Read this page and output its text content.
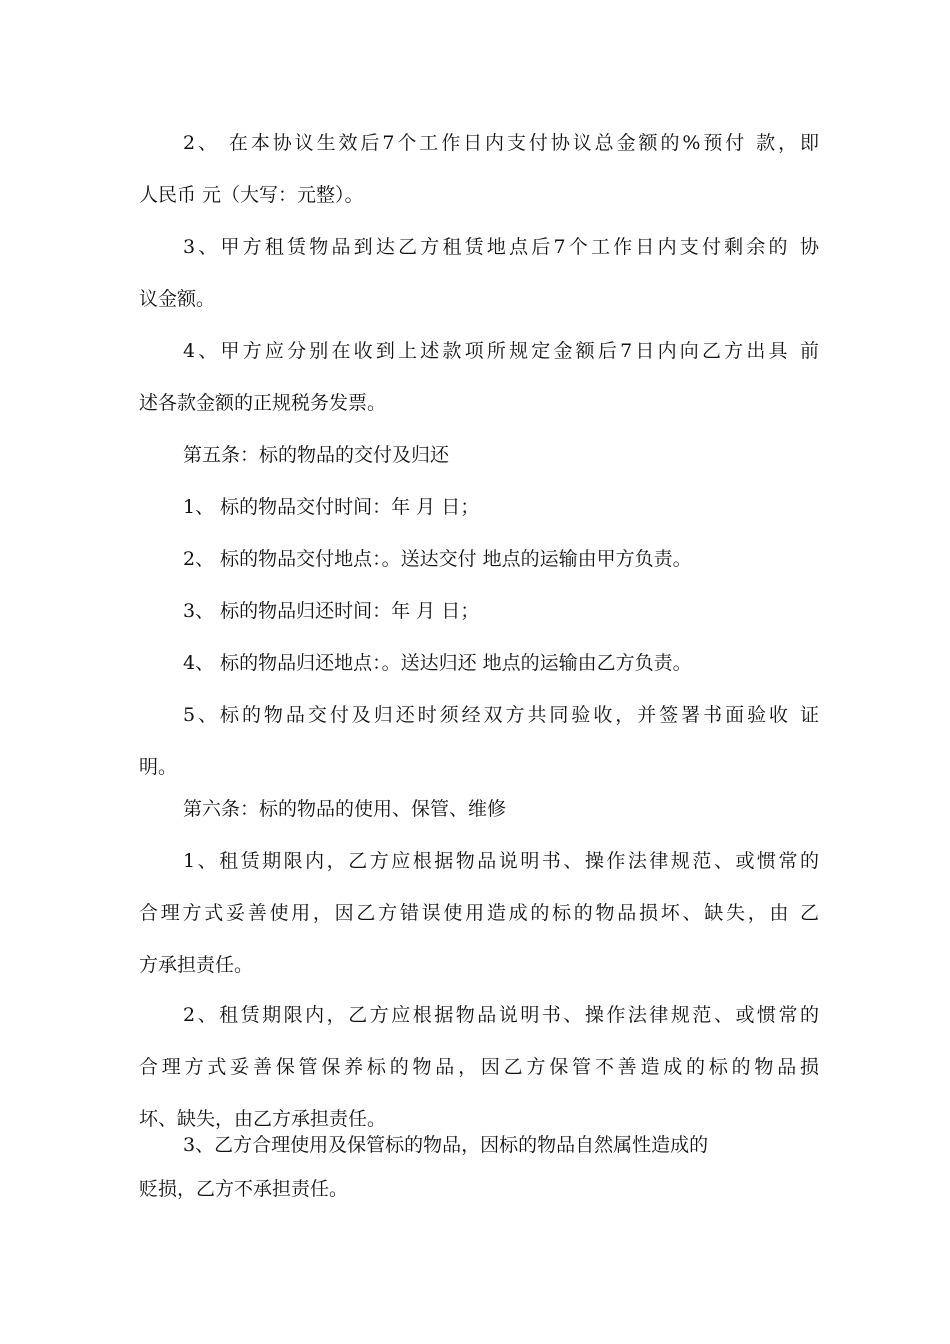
2、 在本协议生效后7个工作日内支付协议总金额的%预付 款，即
人民币 元（大写：元整）。
3、甲方租赁物品到达乙方租赁地点后7个工作日内支付剩余的 协
议金额。
4、甲方应分别在收到上述款项所规定金额后7日内向乙方出具 前
述各款金额的正规税务发票。
第五条：标的物品的交付及归还
1、 标的物品交付时间：年 月 日；
2、 标的物品交付地点：。送达交付 地点的运输由甲方负责。
3、 标的物品归还时间：年 月 日；
4、 标的物品归还地点：。送达归还 地点的运输由乙方负责。
5、标的物品交付及归还时须经双方共同验收，并签署书面验收 证
明。
第六条：标的物品的使用、保管、维修
1、租赁期限内，乙方应根据物品说明书、操作法律规范、或惯常的
合理方式妥善使用，因乙方错误使用造成的标的物品损坏、缺失，由 乙
方承担责任。
2、租赁期限内，乙方应根据物品说明书、操作法律规范、或惯常的
合理方式妥善保管保养标的物品，因乙方保管不善造成的标的物品损
坏、缺失，由乙方承担责任。
3、乙方合理使用及保管标的物品，因标的物品自然属性造成的
贬损，乙方不承担责任。
